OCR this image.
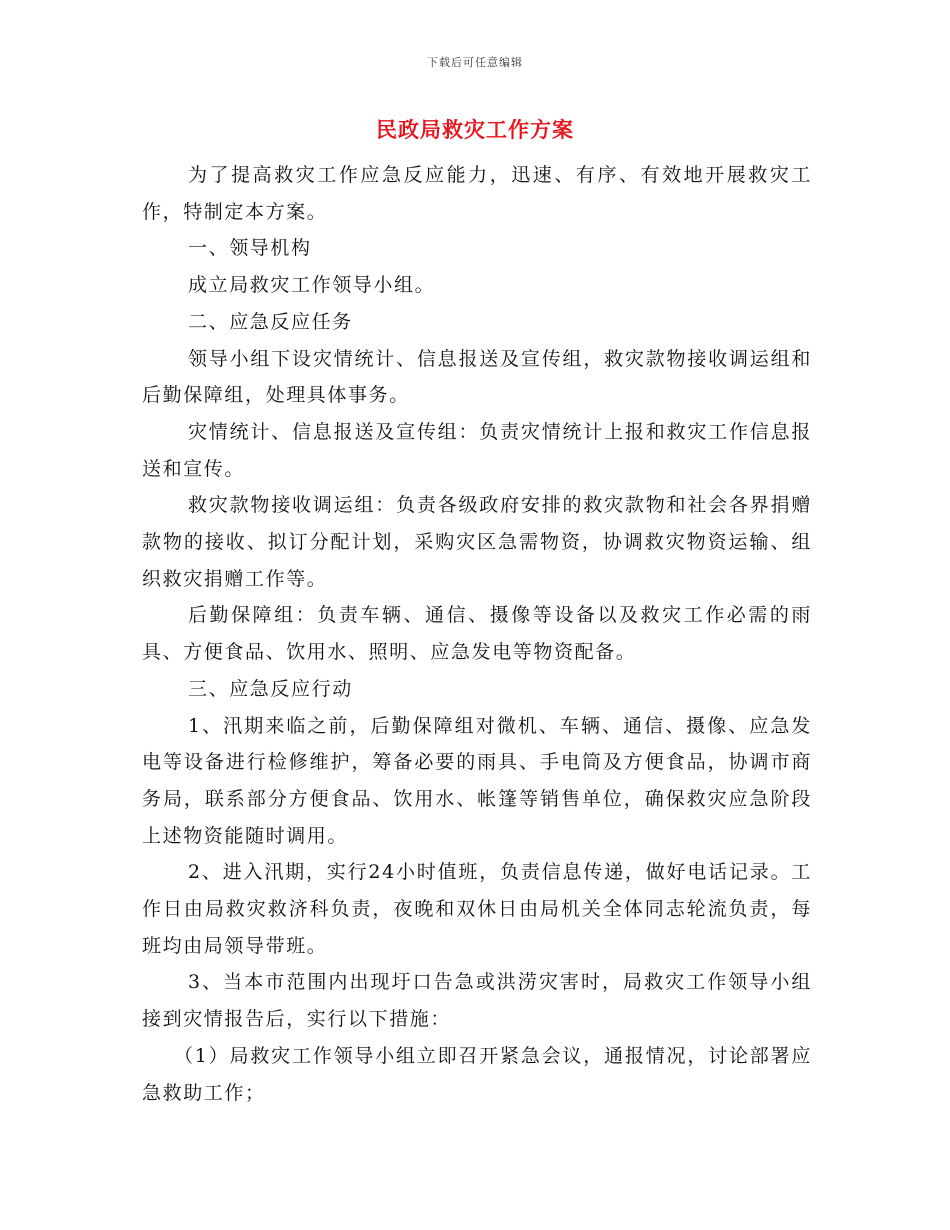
下载后可任意编辑
民政局救灾工作方案

为了提高救灾工作应急反应能力，迅速、有序、有效地开展救灾工作，特制定本方案。

一、领导机构

成立局救灾工作领导小组。

二、应急反应任务

领导小组下设灾情统计、信息报送及宣传组，救灾款物接收调运组和后勤保障组，处理具体事务。

灾情统计、信息报送及宣传组：负责灾情统计上报和救灾工作信息报送和宣传。

救灾款物接收调运组：负责各级政府安排的救灾款物和社会各界捐赠款物的接收、拟订分配计划，采购灾区急需物资，协调救灾物资运输、组织救灾捐赠工作等。

后勤保障组：负责车辆、通信、摄像等设备以及救灾工作必需的雨具、方便食品、饮用水、照明、应急发电等物资配备。

三、应急反应行动

1、汛期来临之前，后勤保障组对微机、车辆、通信、摄像、应急发电等设备进行检修维护，筹备必要的雨具、手电筒及方便食品，协调市商务局，联系部分方便食品、饮用水、帐篷等销售单位，确保救灾应急阶段上述物资能随时调用。

2、进入汛期，实行24小时值班，负责信息传递，做好电话记录。工作日由局救灾救济科负责，夜晚和双休日由局机关全体同志轮流负责，每班均由局领导带班。

3、当本市范围内出现圩口告急或洪涝灾害时，局救灾工作领导小组接到灾情报告后，实行以下措施：

（1）局救灾工作领导小组立即召开紧急会议，通报情况，讨论部署应急救助工作；
